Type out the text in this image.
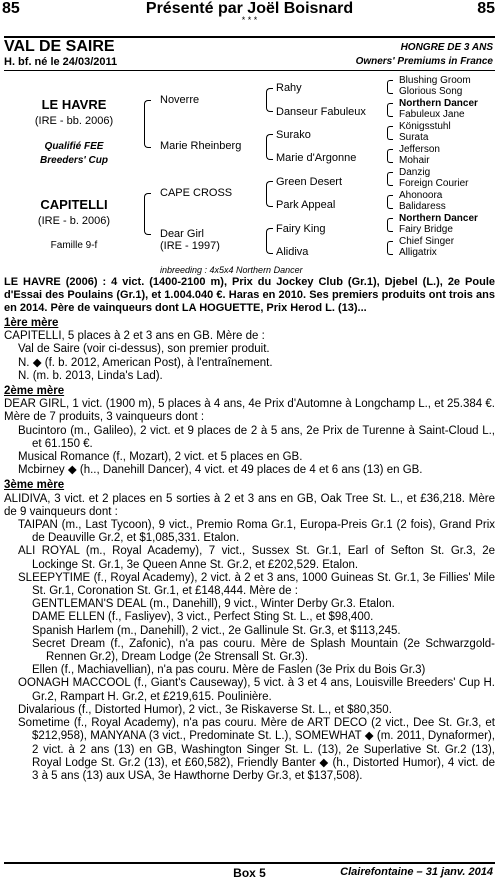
85	Présenté par Joël Boisnard	85
* * *
VAL DE SAIRE	HONGRE DE 3 ANS
H. bf. né le 24/03/2011	Owners' Premiums in France
LE HAVRE
(IRE - bb. 2006)
Qualifié FEE
Breeders' Cup
CAPITELLI
(IRE - b. 2006)
Famille 9-f
Noverre
Marie Rheinberg
CAPE CROSS
Dear Girl
(IRE - 1997)
Rahy
Danseur Fabuleux
Surako
Marie d'Argonne
Green Desert
Park Appeal
Fairy King
Alidiva
Blushing Groom
Glorious Song
Northern Dancer
Fabuleux Jane
Königsstuhl
Surata
Jefferson
Mohair
Danzig
Foreign Courier
Ahonoora
Balidaress
Northern Dancer
Fairy Bridge
Chief Singer
Alligatrix
inbreeding : 4x5x4 Northern Dancer

LE HAVRE (2006) : 4 vict. (1400-2100 m), Prix du Jockey Club (Gr.1), Djebel (L.), 2e Poule d'Essai des Poulains (Gr.1), et 1.004.040 €. Haras en 2010. Ses premiers produits ont trois ans en 2014. Père de vainqueurs dont LA HOGUETTE, Prix Herod L. (13)...

1ère mère

CAPITELLI, 5 places à 2 et 3 ans en GB. Mère de :

Val de Saire (voir ci-dessus), son premier produit.

N. ◆ (f. b. 2012, American Post), à l'entraînement.

N. (m. b. 2013, Linda's Lad).

2ème mère

DEAR GIRL, 1 vict. (1900 m), 5 places à 4 ans, 4e Prix d'Automne à Longchamp L., et 25.384 €. Mère de 7 produits, 3 vainqueurs dont :

Bucintoro (m., Galileo), 2 vict. et 9 places de 2 à 5 ans, 2e Prix de Turenne à Saint-Cloud L., et 61.150 €.

Musical Romance (f., Mozart), 2 vict. et 5 places en GB.

Mcbirney ◆ (h.., Danehill Dancer), 4 vict. et 49 places de 4 et 6 ans (13) en GB.

3ème mère

ALIDIVA, 3 vict. et 2 places en 5 sorties à 2 et 3 ans en GB, Oak Tree St. L., et £36,218. Mère de 9 vainqueurs dont :

TAIPAN (m., Last Tycoon), 9 vict., Premio Roma Gr.1, Europa-Preis Gr.1 (2 fois), Grand Prix de Deauville Gr.2, et $1,085,331. Etalon.

ALI ROYAL (m., Royal Academy), 7 vict., Sussex St. Gr.1, Earl of Sefton St. Gr.3, 2e Lockinge St. Gr.1, 3e Queen Anne St. Gr.2, et £202,529. Etalon.

SLEEPYTIME (f., Royal Academy), 2 vict. à 2 et 3 ans, 1000 Guineas St. Gr.1, 3e Fillies' Mile St. Gr.1, Coronation St. Gr.1, et £148,444. Mère de :

GENTLEMAN'S DEAL (m., Danehill), 9 vict., Winter Derby Gr.3. Etalon.

DAME ELLEN (f., Fasliyev), 3 vict., Perfect Sting St. L., et $98,400.

Spanish Harlem (m., Danehill), 2 vict., 2e Gallinule St. Gr.3, et $113,245.

Secret Dream (f., Zafonic), n'a pas couru. Mère de Splash Mountain (2e Schwarzgold-Rennen Gr.2), Dream Lodge (2e Strensall St. Gr.3).

Ellen (f., Machiavellian), n'a pas couru. Mère de Faslen (3e Prix du Bois Gr.3)

OONAGH MACCOOL (f., Giant's Causeway), 5 vict. à 3 et 4 ans, Louisville Breeders' Cup H. Gr.2, Rampart H. Gr.2, et £219,615. Poulinière.

Divalarious (f., Distorted Humor), 2 vict., 3e Riskaverse St. L., et $80,350.

Sometime (f., Royal Academy), n'a pas couru. Mère de ART DECO (2 vict., Dee St. Gr.3, et $212,958), MANYANA (3 vict., Predominate St. L.), SOMEWHAT ◆ (m. 2011, Dynaformer), 2 vict. à 2 ans (13) en GB, Washington Singer St. L. (13), 2e Superlative St. Gr.2 (13), Royal Lodge St. Gr.2 (13), et £60,582), Friendly Banter ◆ (h., Distorted Humor), 4 vict. de 3 à 5 ans (13) aux USA, 3e Hawthorne Derby Gr.3, et $137,508).

Box 5	Clairefontaine – 31 janv. 2014
